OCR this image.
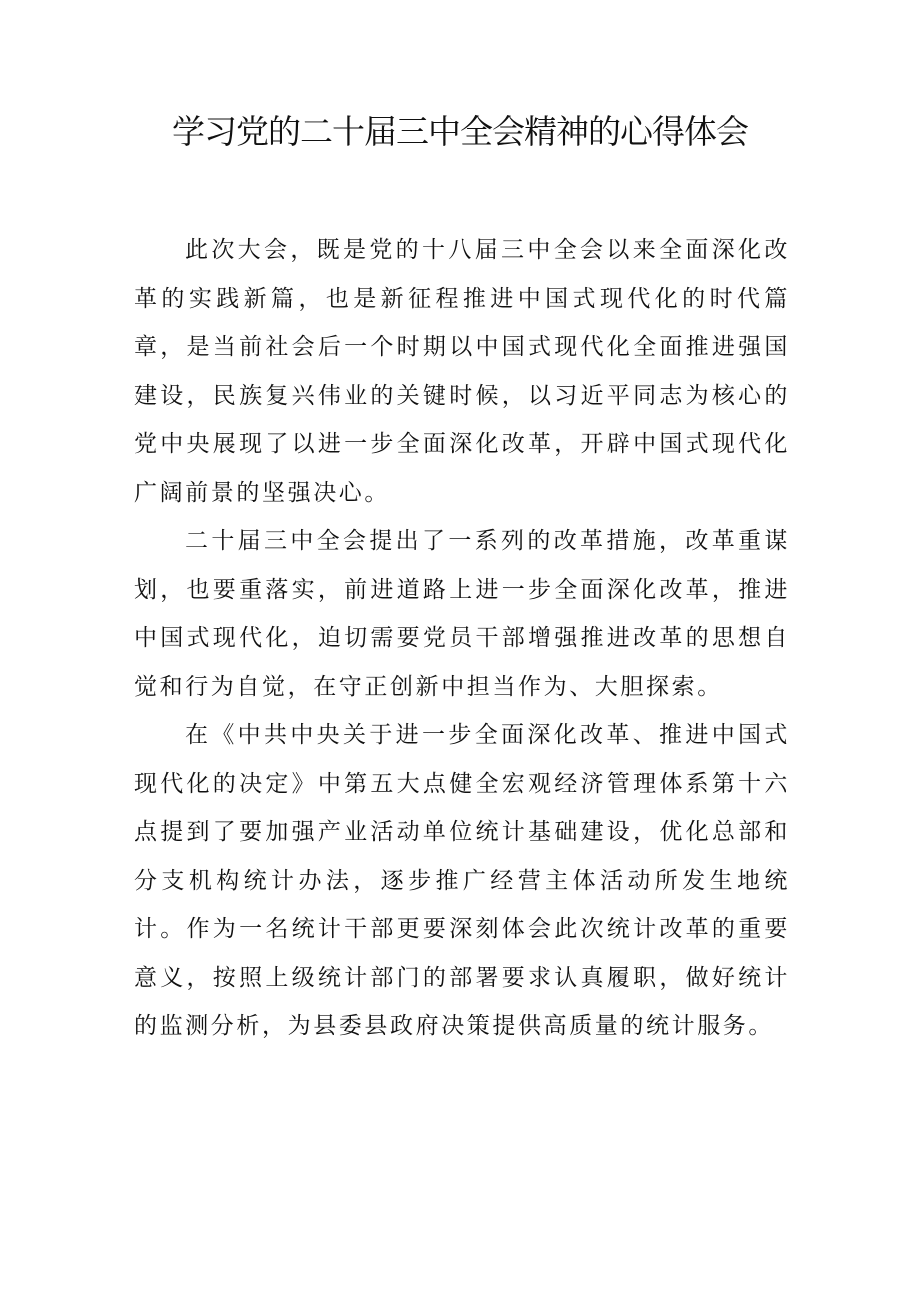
学习党的二十届三中全会精神的心得体会

此次大会，既是党的十八届三中全会以来全面深化改革的实践新篇，也是新征程推进中国式现代化的时代篇章，是当前社会后一个时期以中国式现代化全面推进强国建设，民族复兴伟业的关键时候，以习近平同志为核心的党中央展现了以进一步全面深化改革，开辟中国式现代化广阔前景的坚强决心。

二十届三中全会提出了一系列的改革措施，改革重谋划，也要重落实，前进道路上进一步全面深化改革，推进中国式现代化，迫切需要党员干部增强推进改革的思想自觉和行为自觉，在守正创新中担当作为、大胆探索。

在《中共中央关于进一步全面深化改革、推进中国式现代化的决定》中第五大点健全宏观经济管理体系第十六点提到了要加强产业活动单位统计基础建设，优化总部和分支机构统计办法，逐步推广经营主体活动所发生地统计。作为一名统计干部更要深刻体会此次统计改革的重要意义，按照上级统计部门的部署要求认真履职，做好统计的监测分析，为县委县政府决策提供高质量的统计服务。
